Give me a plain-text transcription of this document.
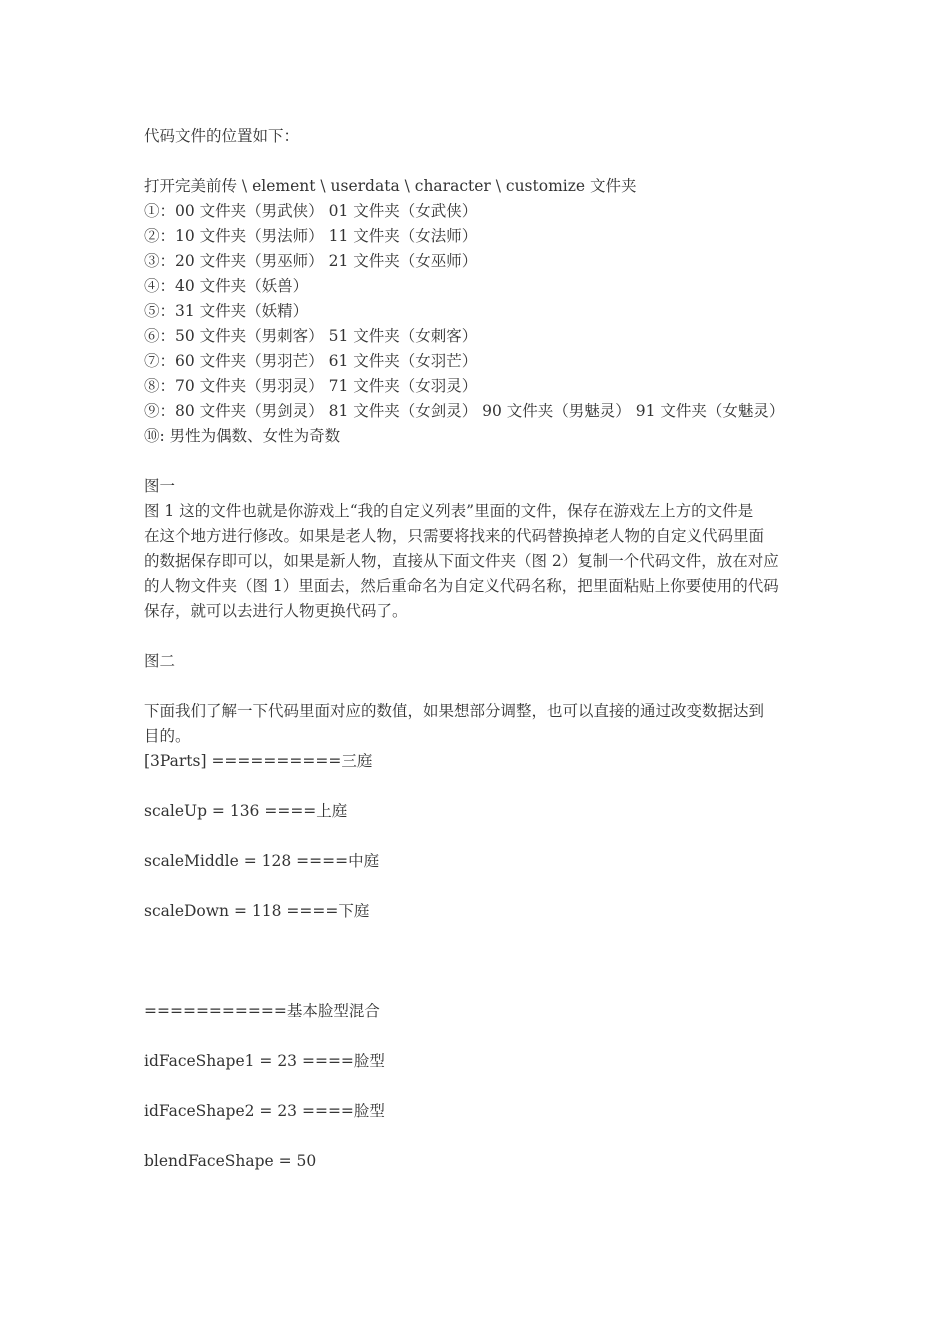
代码文件的位置如下：
打开完美前传 \ element \ userdata \ character \ customize 文件夹
①：00 文件夹（男武侠） 01 文件夹（女武侠）
②：10 文件夹（男法师） 11 文件夹（女法师）
③：20 文件夹（男巫师） 21 文件夹（女巫师）
④：40 文件夹（妖兽）
⑤：31 文件夹（妖精）
⑥：50 文件夹（男刺客） 51 文件夹（女刺客）
⑦：60 文件夹（男羽芒） 61 文件夹（女羽芒）
⑧：70 文件夹（男羽灵） 71 文件夹（女羽灵）
⑨：80 文件夹（男剑灵） 81 文件夹（女剑灵） 90 文件夹（男魅灵） 91 文件夹（女魅灵）
⑩: 男性为偶数、女性为奇数
图一
图 1 这的文件也就是你游戏上“我的自定义列表”里面的文件，保存在游戏左上方的文件是
在这个地方进行修改。如果是老人物，只需要将找来的代码替换掉老人物的自定义代码里面
的数据保存即可以，如果是新人物，直接从下面文件夹（图 2）复制一个代码文件，放在对应
的人物文件夹（图 1）里面去，然后重命名为自定义代码名称，把里面粘贴上你要使用的代码
保存，就可以去进行人物更换代码了。
图二
下面我们了解一下代码里面对应的数值，如果想部分调整，也可以直接的通过改变数据达到
目的。
[3Parts] ==========三庭
scaleUp = 136 ====上庭
scaleMiddle = 128 ====中庭
scaleDown = 118 ====下庭
===========基本脸型混合
idFaceShape1 = 23 ====脸型
idFaceShape2 = 23 ====脸型
blendFaceShape = 50
